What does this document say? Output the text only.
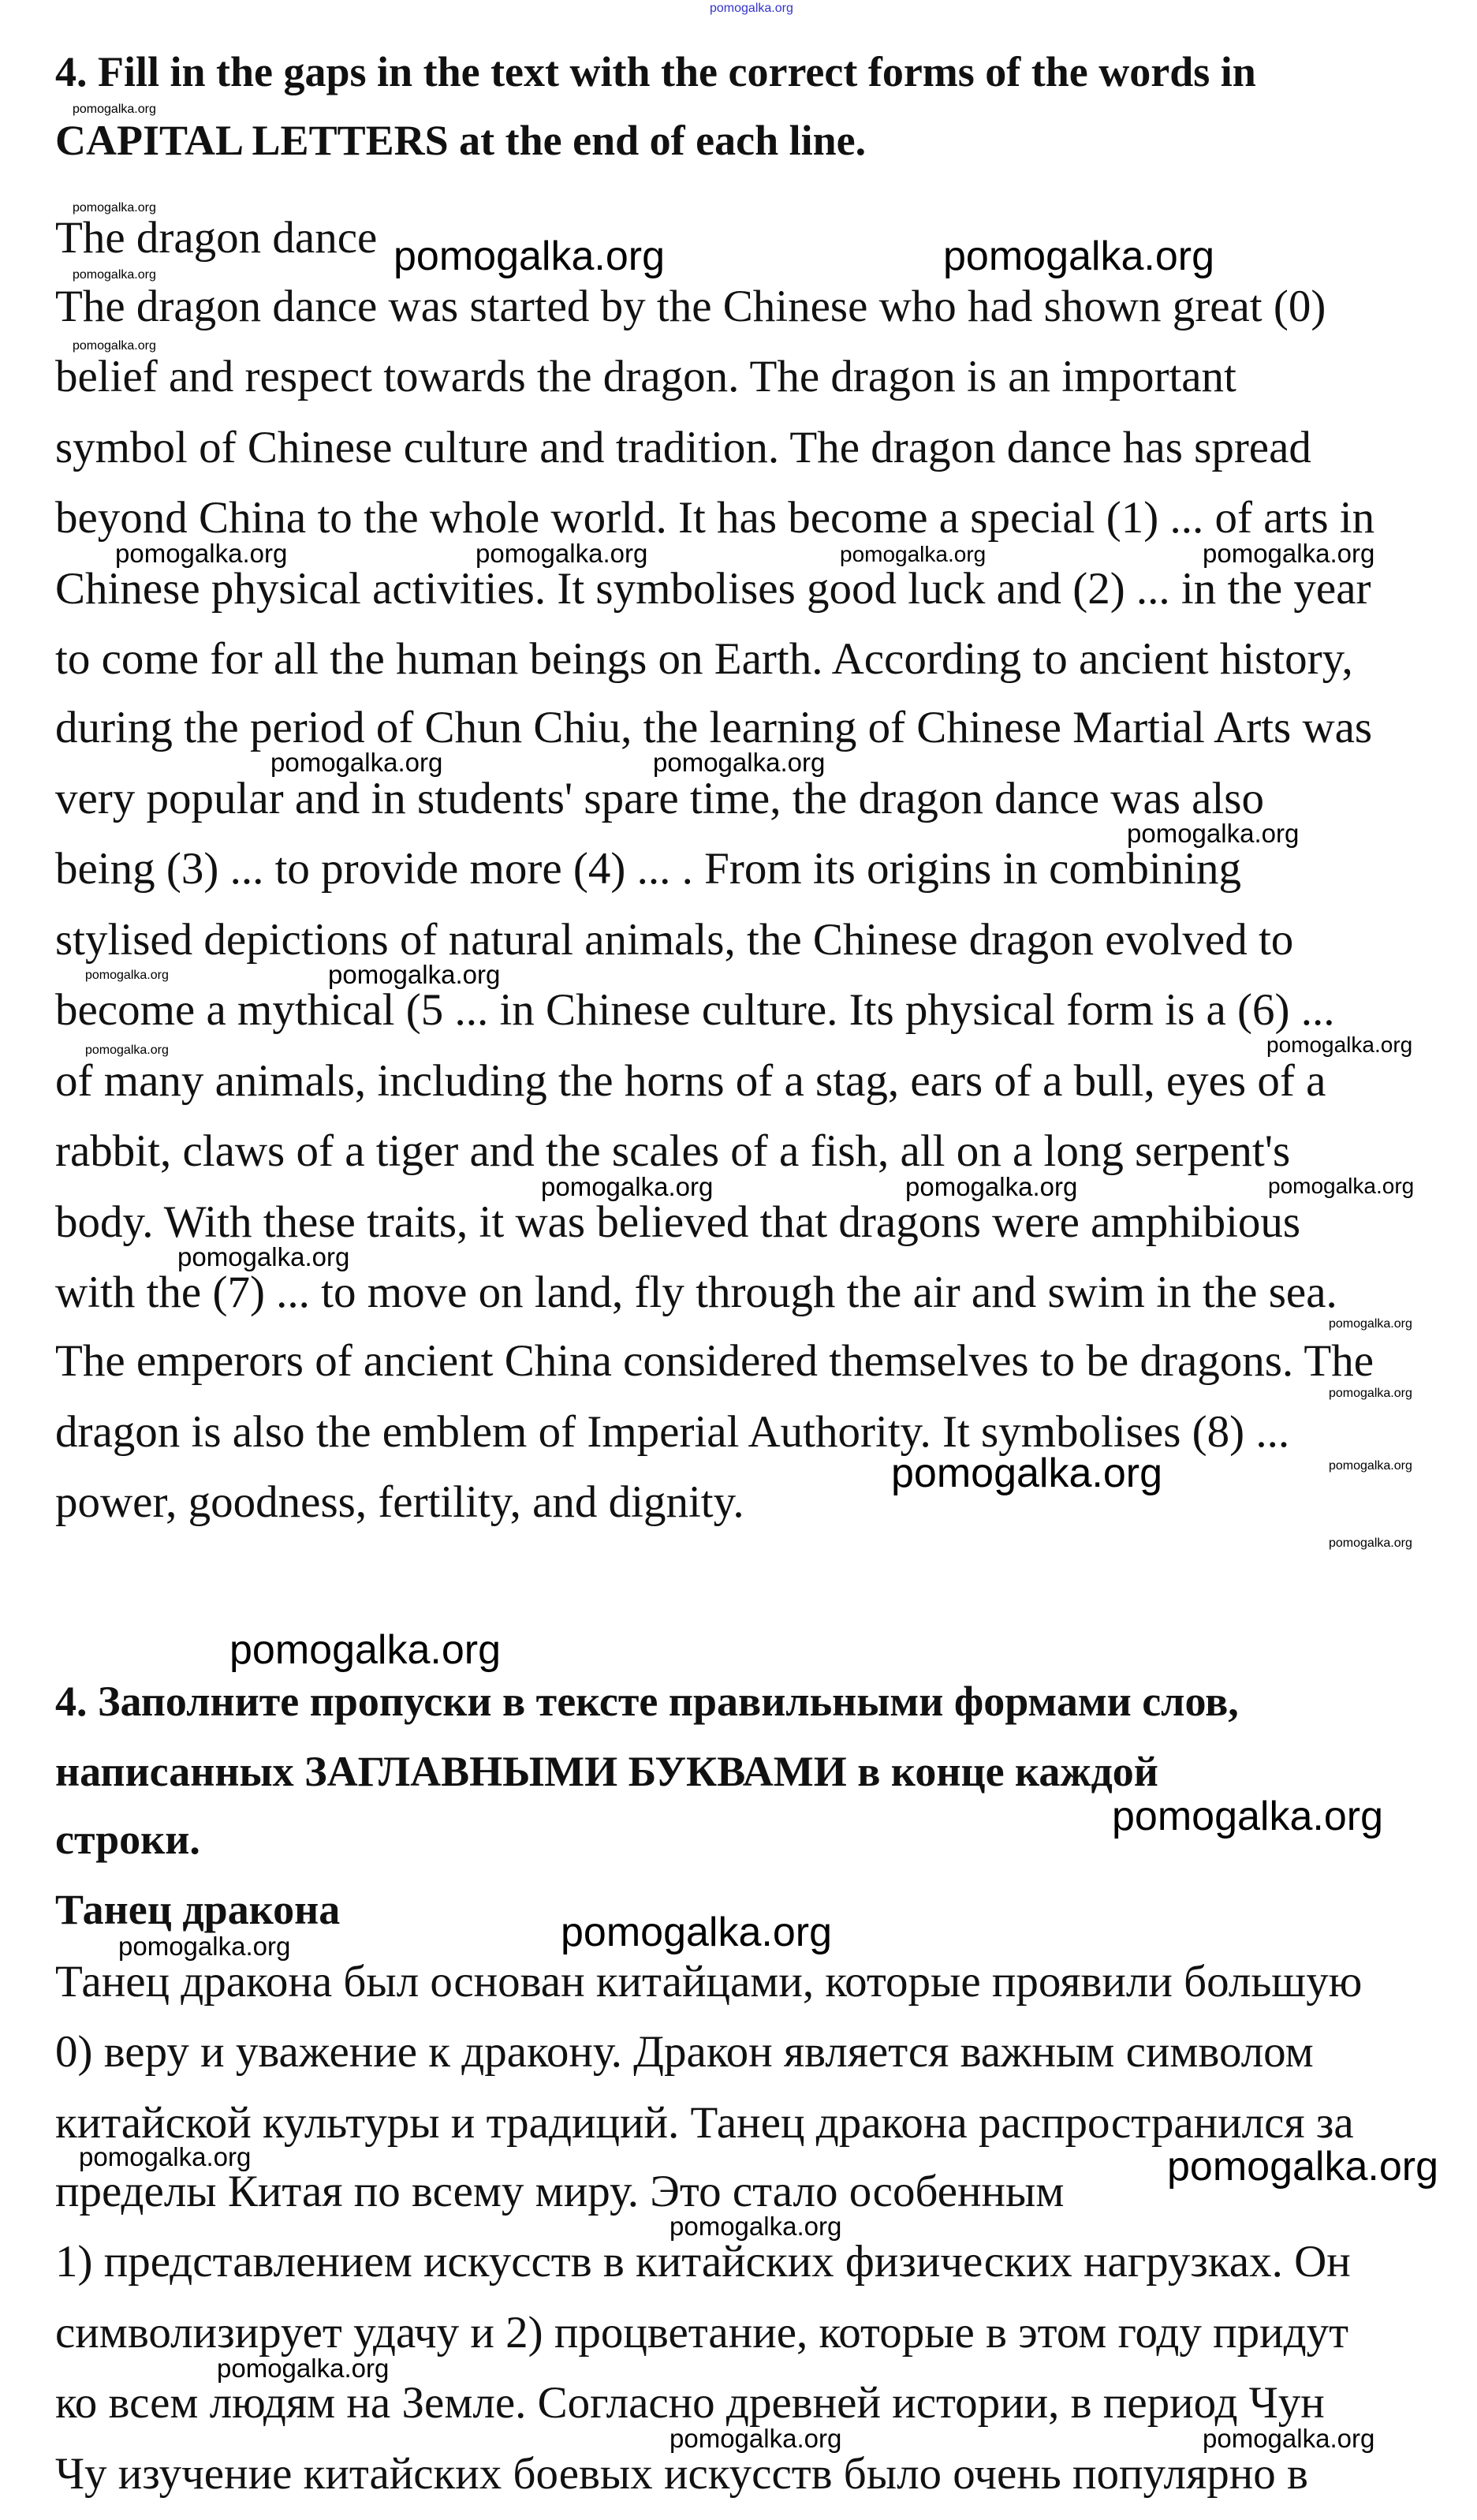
4. Fill in the gaps in the text with the correct forms of the words in
CAPITAL LETTERS at the end of each line.
The dragon dance
The dragon dance was started by the Chinese who had shown great (0)
belief and respect towards the dragon. The dragon is an important
symbol of Chinese culture and tradition. The dragon dance has spread
beyond China to the whole world. It has become a special (1) ... of arts in
Chinese physical activities. It symbolises good luck and (2) ... in the year
to come for all the human beings on Earth. According to ancient history,
during the period of Chun Chiu, the learning of Chinese Martial Arts was
very popular and in students' spare time, the dragon dance was also
being (3) ... to provide more (4) ... . From its origins in combining
stylised depictions of natural animals, the Chinese dragon evolved to
become a mythical (5 ... in Chinese culture. Its physical form is a (6) ...
of many animals, including the horns of a stag, ears of a bull, eyes of a
rabbit, claws of a tiger and the scales of a fish, all on a long serpent's
body. With these traits, it was believed that dragons were amphibious
with the (7) ... to move on land, fly through the air and swim in the sea.
The emperors of ancient China considered themselves to be dragons. The
dragon is also the emblem of Imperial Authority. It symbolises (8) ...
power, goodness, fertility, and dignity.
4. Заполните пропуски в тексте правильными формами слов,
написанных ЗАГЛАВНЫМИ БУКВАМИ в конце каждой
строки.
Танец дракона
Танец дракона был основан китайцами, которые проявили большую
0) веру и уважение к дракону. Дракон является важным символом
китайской культуры и традиций. Танец дракона распространился за
пределы Китая по всему миру. Это стало особенным
1) представлением искусств в китайских физических нагрузках. Он
символизирует удачу и 2) процветание, которые в этом году придут
ко всем людям на Земле. Согласно древней истории, в период Чун
Чу изучение китайских боевых искусств было очень популярно в
pomogalka.org
pomogalka.org	pomogalka.org
pomogalka.org
pomogalka.org
pomogalka.org
pomogalka.org
pomogalka.org
pomogalka.org	pomogalka.org	pomogalka.org	pomogalka.org
pomogalka.org	pomogalka.org
pomogalka.org
pomogalka.org
pomogalka.org
pomogalka.org	pomogalka.org	pomogalka.org
pomogalka.org
pomogalka.org
pomogalka.org
pomogalka.org
pomogalka.org
pomogalka.org	pomogalka.org
pomogalka.org
pomogalka.org
pomogalka.org
pomogalka.org
pomogalka.org
pomogalka.org
pomogalka.org
pomogalka.org
pomogalka.org
pomogalka.org
